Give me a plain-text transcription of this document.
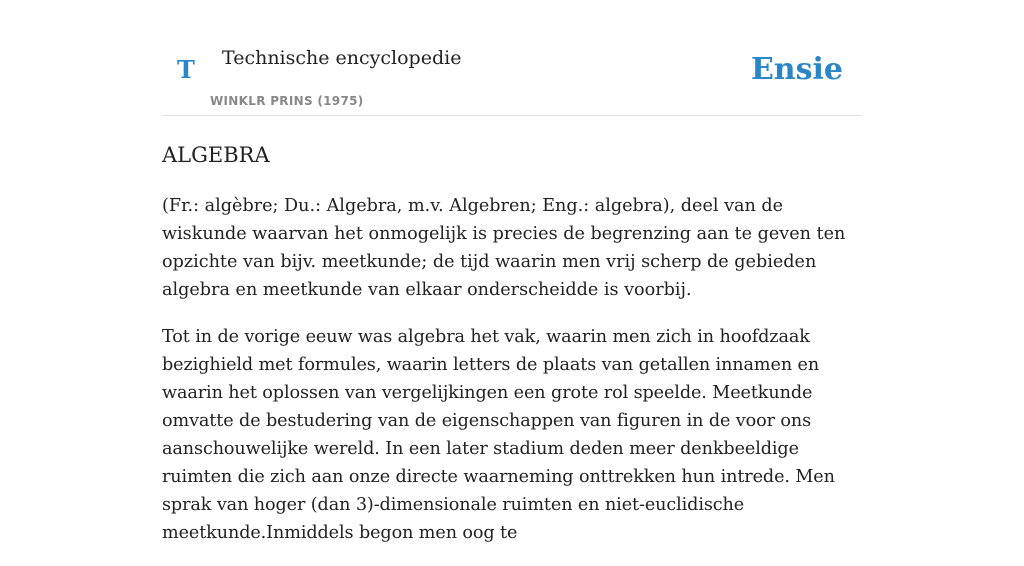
T Technische encyclopedie
WINKLR PRINS (1975)
Ensie
ALGEBRA

(Fr.: algèbre; Du.: Algebra, m.v. Algebren; Eng.: algebra), deel van de wiskunde waarvan het onmogelijk is precies de begrenzing aan te geven ten opzichte van bijv. meetkunde; de tijd waarin men vrij scherp de gebieden algebra en meetkunde van elkaar onderscheidde is voorbij.

Tot in de vorige eeuw was algebra het vak, waarin men zich in hoofdzaak bezighield met formules, waarin letters de plaats van getallen innamen en waarin het oplossen van vergelijkingen een grote rol speelde. Meetkunde omvatte de bestudering van de eigenschappen van figuren in de voor ons aanschouwelijke wereld. In een later stadium deden meer denkbeeldige ruimten die zich aan onze directe waarneming onttrekken hun intrede. Men sprak van hoger (dan 3)-dimensionale ruimten en niet-euclidische meetkunde.Inmiddels begon men oog te
